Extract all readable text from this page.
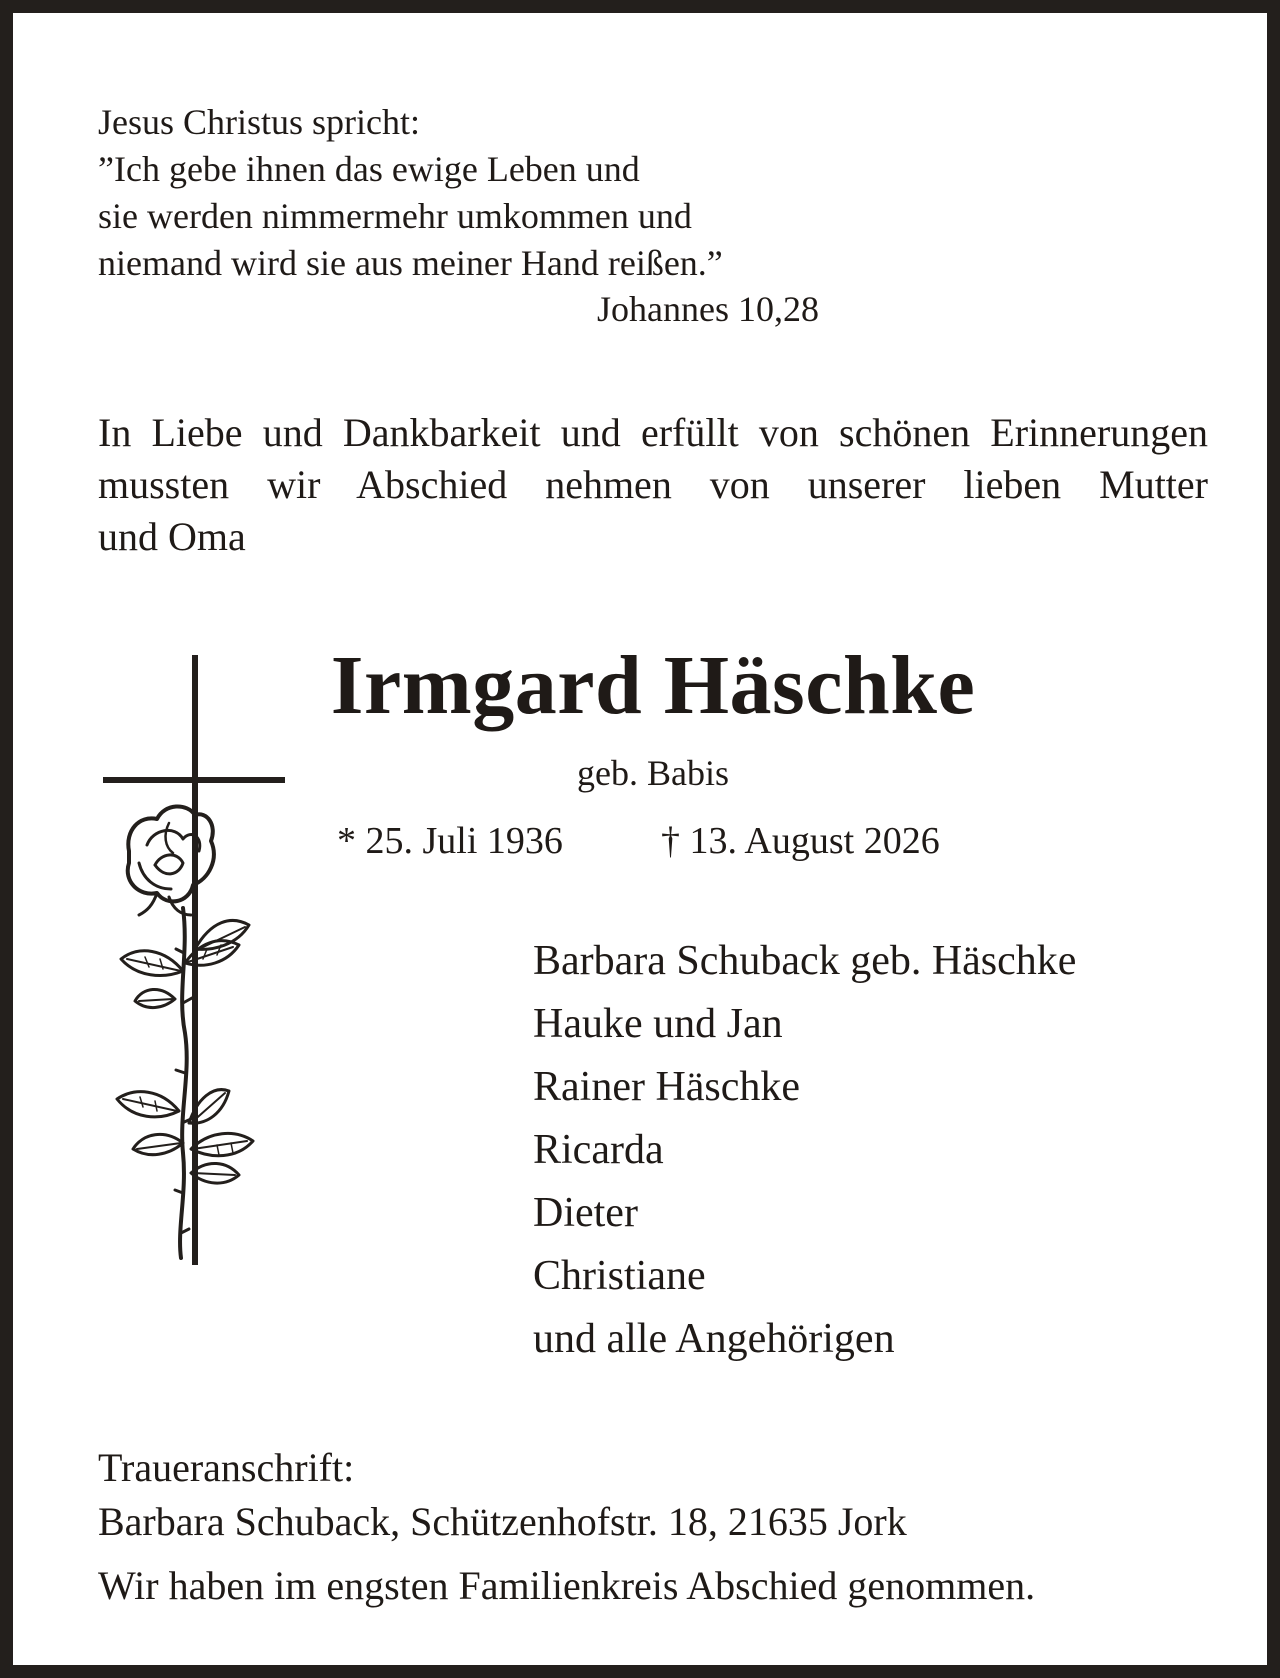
Jesus Christus spricht:
”Ich gebe ihnen das ewige Leben und
sie werden nimmermehr umkommen und
niemand wird sie aus meiner Hand reißen.”
Johannes 10,28
In Liebe und Dankbarkeit und erfüllt von schönen Erinnerungen
mussten wir Abschied nehmen von unserer lieben Mutter
und Oma
Irmgard Häschke
geb. Babis
* 25. Juli 1936	† 13. August 2026
Barbara Schuback geb. Häschke
Hauke und Jan
Rainer Häschke
Ricarda
Dieter
Christiane
und alle Angehörigen
Traueranschrift:
Barbara Schuback, Schützenhofstr. 18, 21635 Jork
Wir haben im engsten Familienkreis Abschied genommen.
